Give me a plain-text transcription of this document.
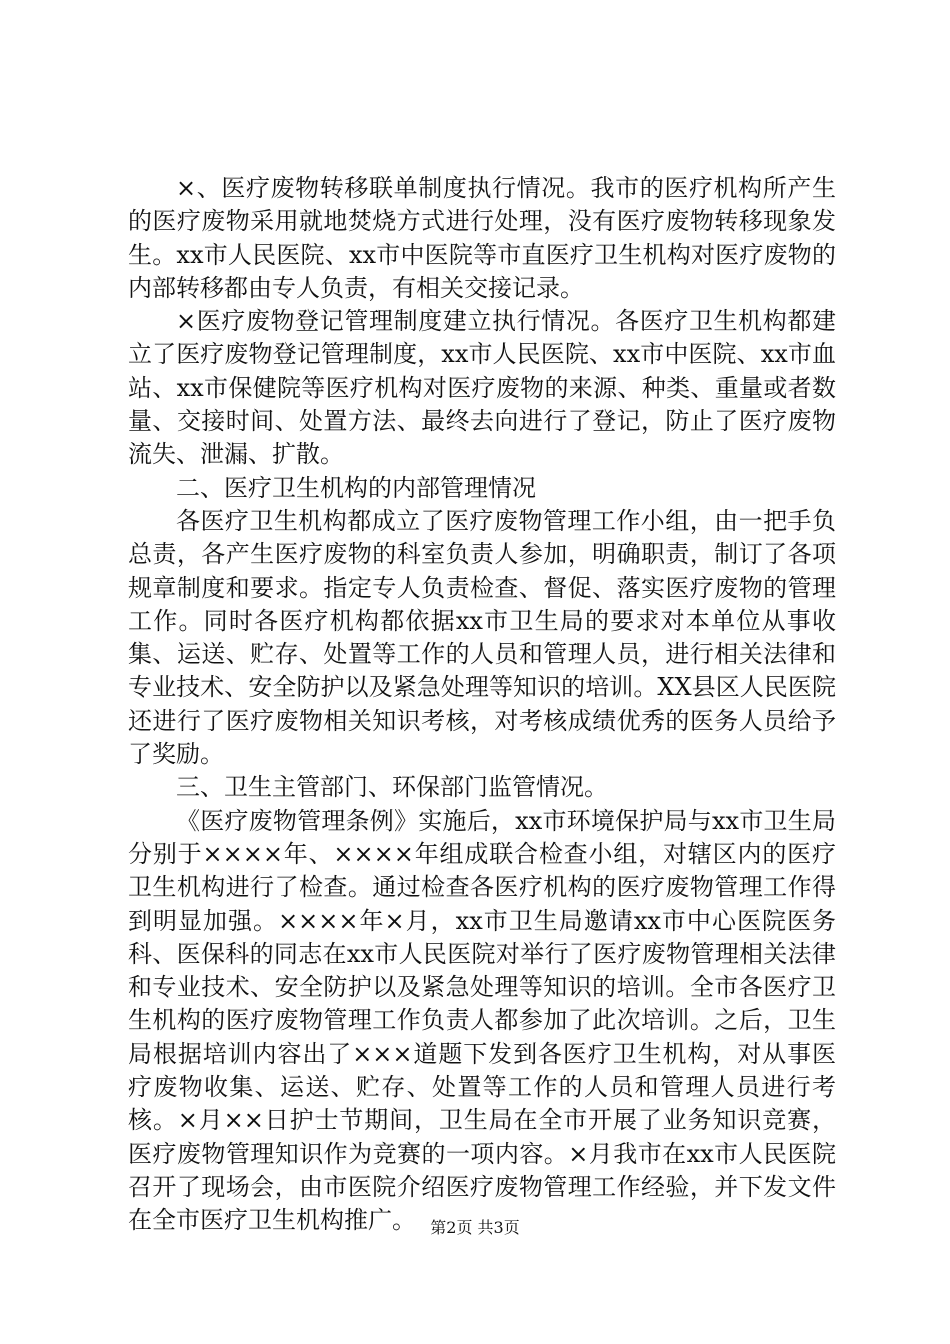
×、医疗废物转移联单制度执行情况。我市的医疗机构所产生的医疗废物采用就地焚烧方式进行处理，没有医疗废物转移现象发生。xx市人民医院、xx市中医院等市直医疗卫生机构对医疗废物的内部转移都由专人负责，有相关交接记录。

×医疗废物登记管理制度建立执行情况。各医疗卫生机构都建立了医疗废物登记管理制度，xx市人民医院、xx市中医院、xx市血站、xx市保健院等医疗机构对医疗废物的来源、种类、重量或者数量、交接时间、处置方法、最终去向进行了登记，防止了医疗废物流失、泄漏、扩散。

二、医疗卫生机构的内部管理情况

各医疗卫生机构都成立了医疗废物管理工作小组，由一把手负总责，各产生医疗废物的科室负责人参加，明确职责，制订了各项规章制度和要求。指定专人负责检查、督促、落实医疗废物的管理工作。同时各医疗机构都依据xx市卫生局的要求对本单位从事收集、运送、贮存、处置等工作的人员和管理人员，进行相关法律和专业技术、安全防护以及紧急处理等知识的培训。XX县区人民医院还进行了医疗废物相关知识考核，对考核成绩优秀的医务人员给予了奖励。

三、卫生主管部门、环保部门监管情况。

《医疗废物管理条例》实施后，xx市环境保护局与xx市卫生局分别于××××年、××××年组成联合检查小组，对辖区内的医疗卫生机构进行了检查。通过检查各医疗机构的医疗废物管理工作得到明显加强。××××年×月，xx市卫生局邀请xx市中心医院医务科、医保科的同志在xx市人民医院对举行了医疗废物管理相关法律和专业技术、安全防护以及紧急处理等知识的培训。全市各医疗卫生机构的医疗废物管理工作负责人都参加了此次培训。之后，卫生局根据培训内容出了×××道题下发到各医疗卫生机构，对从事医疗废物收集、运送、贮存、处置等工作的人员和管理人员进行考核。×月××日护士节期间，卫生局在全市开展了业务知识竞赛，医疗废物管理知识作为竞赛的一项内容。×月我市在xx市人民医院召开了现场会，由市医院介绍医疗废物管理工作经验，并下发文件在全市医疗卫生机构推广。 第2页 共3页
